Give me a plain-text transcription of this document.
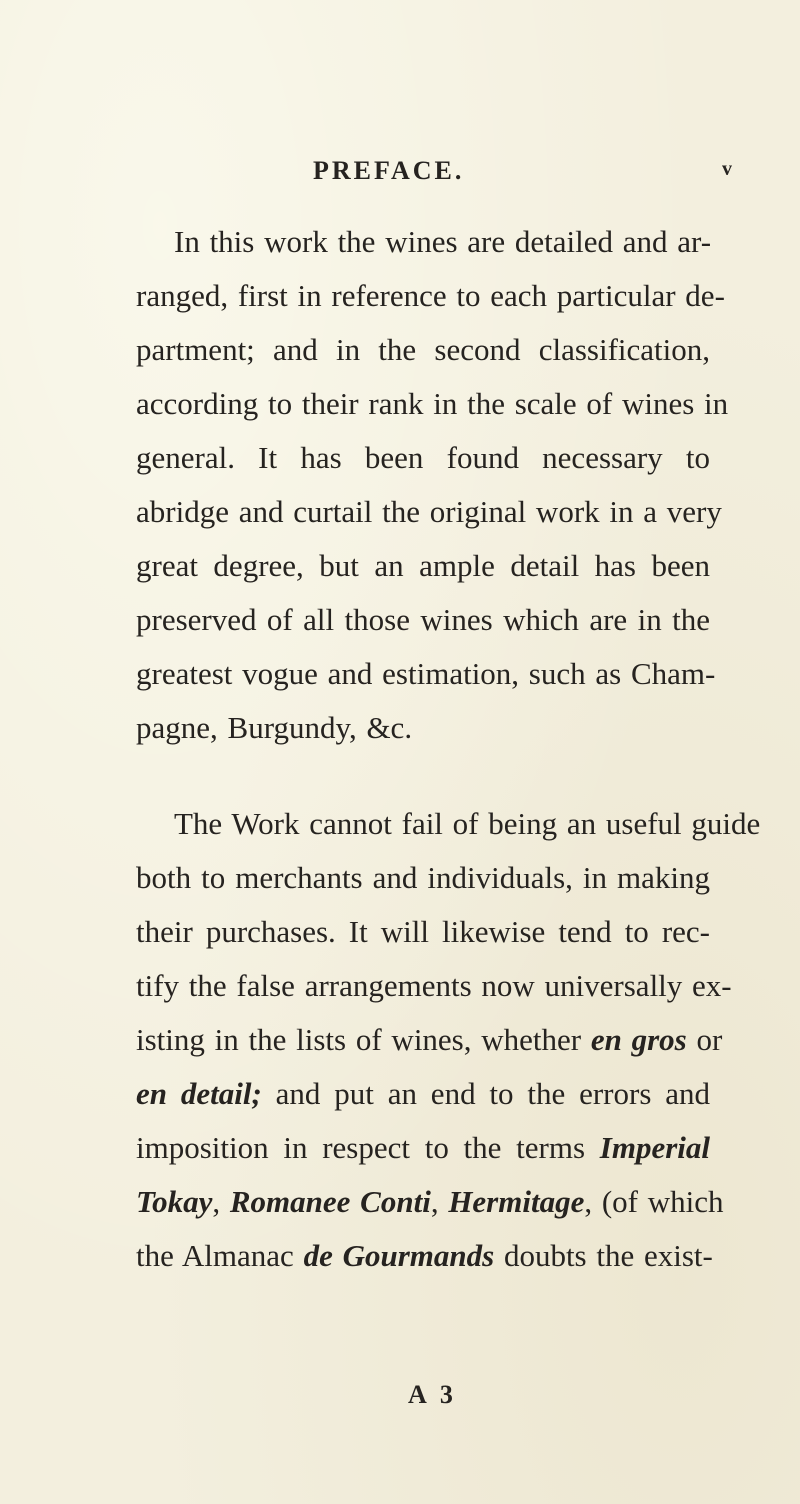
PREFACE.	v
In this work the wines are detailed and ar-
ranged, first in reference to each particular de-
partment; and in the second classification,
according to their rank in the scale of wines in
general. It has been found necessary to
abridge and curtail the original work in a very
great degree, but an ample detail has been
preserved of all those wines which are in the
greatest vogue and estimation, such as Cham-
pagne, Burgundy, &c.
The Work cannot fail of being an useful guide
both to merchants and individuals, in making
their purchases. It will likewise tend to rec-
tify the false arrangements now universally ex-
isting in the lists of wines, whether en gros or
en detail; and put an end to the errors and
imposition in respect to the terms Imperial
Tokay, Romanee Conti, Hermitage, (of which
the Almanac de Gourmands doubts the exist-
A 3
